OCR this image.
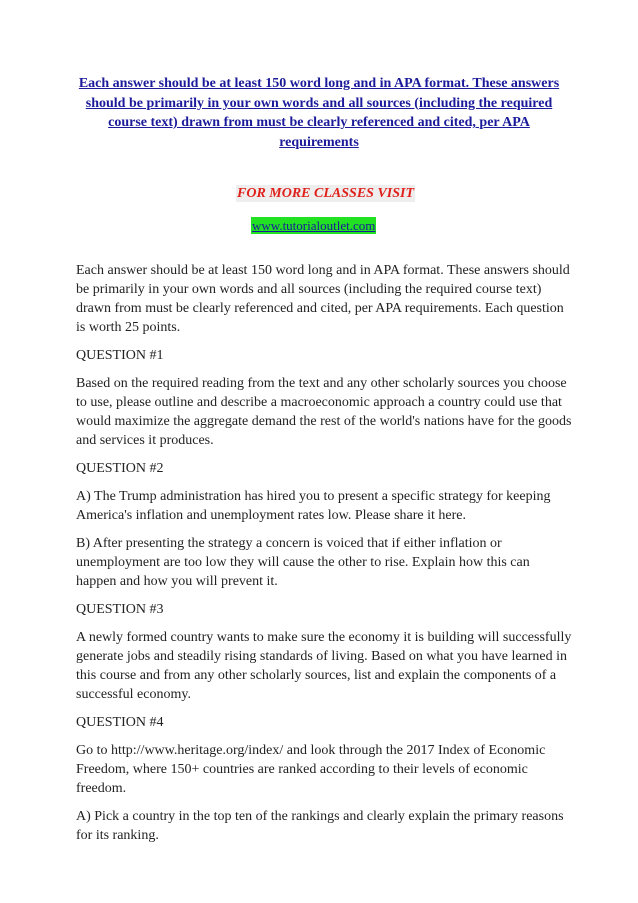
Each answer should be at least 150 word long and in APA format. These answers should be primarily in your own words and all sources (including the required course text) drawn from must be clearly referenced and cited, per APA requirements
FOR MORE CLASSES VISIT
www.tutorialoutlet.com

Each answer should be at least 150 word long and in APA format. These answers should be primarily in your own words and all sources (including the required course text) drawn from must be clearly referenced and cited, per APA requirements. Each question is worth 25 points.

QUESTION #1

Based on the required reading from the text and any other scholarly sources you choose to use, please outline and describe a macroeconomic approach a country could use that would maximize the aggregate demand the rest of the world's nations have for the goods and services it produces.

QUESTION #2

A) The Trump administration has hired you to present a specific strategy for keeping America's inflation and unemployment rates low. Please share it here.

B) After presenting the strategy a concern is voiced that if either inflation or unemployment are too low they will cause the other to rise. Explain how this can happen and how you will prevent it.

QUESTION #3

A newly formed country wants to make sure the economy it is building will successfully generate jobs and steadily rising standards of living. Based on what you have learned in this course and from any other scholarly sources, list and explain the components of a successful economy.

QUESTION #4

Go to http://www.heritage.org/index/ and look through the 2017 Index of Economic Freedom, where 150+ countries are ranked according to their levels of economic freedom.

A) Pick a country in the top ten of the rankings and clearly explain the primary reasons for its ranking.
